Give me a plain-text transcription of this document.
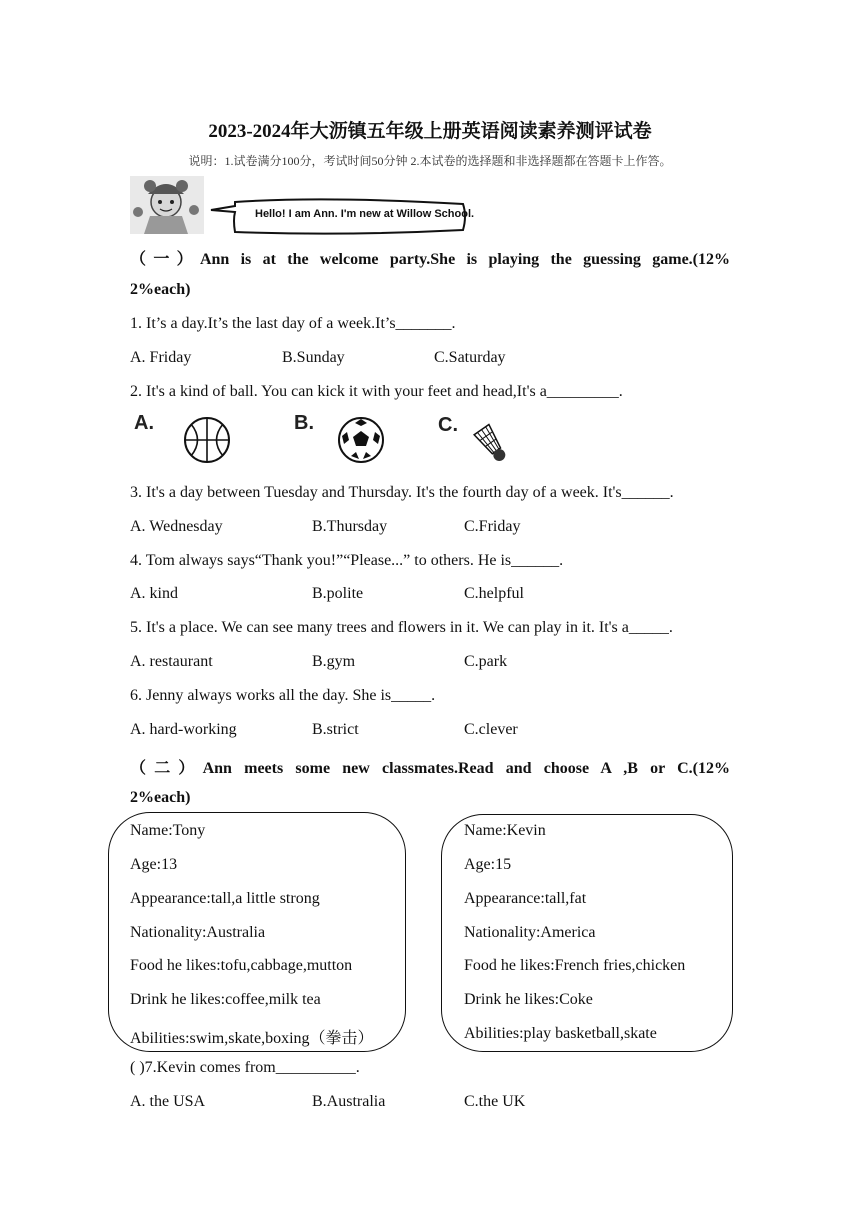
2023-2024年大沥镇五年级上册英语阅读素养测评试卷
说明：1.试卷满分100分，考试时间50分钟 2.本试卷的选择题和非选择题都在答题卡上作答。
Hello! I am Ann. I'm new at Willow School.
（一）Ann is at the welcome party.She is playing the guessing game.(12%
2%each)
1. It’s a day.It’s the last day of a week.It’s_______.
A. Friday	B.Sunday	C.Saturday
2. It's a kind of ball. You can kick it with your feet and head,It's a_________.
A.	B.	C.
3. It's a day between Tuesday and Thursday. It's the fourth day of a week. It's______.
A. Wednesday	B.Thursday	C.Friday
4. Tom always says“Thank you!”“Please...” to others. He is______.
A. kind	B.polite	C.helpful
5. It's a place. We can see many trees and flowers in it. We can play in it. It's a_____.
A. restaurant	B.gym	C.park
6. Jenny always works all the day. She is_____.
A. hard-working	B.strict	C.clever
（二）Ann meets some new classmates.Read and choose A ,B or C.(12%
2%each)
Name:Tony
Age:13
Appearance:tall,a little strong
Nationality:Australia
Food he likes:tofu,cabbage,mutton
Drink he likes:coffee,milk tea
Abilities:swim,skate,boxing（拳击）
Name:Kevin
Age:15
Appearance:tall,fat
Nationality:America
Food he likes:French fries,chicken
Drink he likes:Coke
Abilities:play basketball,skate
( )7.Kevin comes from__________.
A. the USA	B.Australia	C.the UK
